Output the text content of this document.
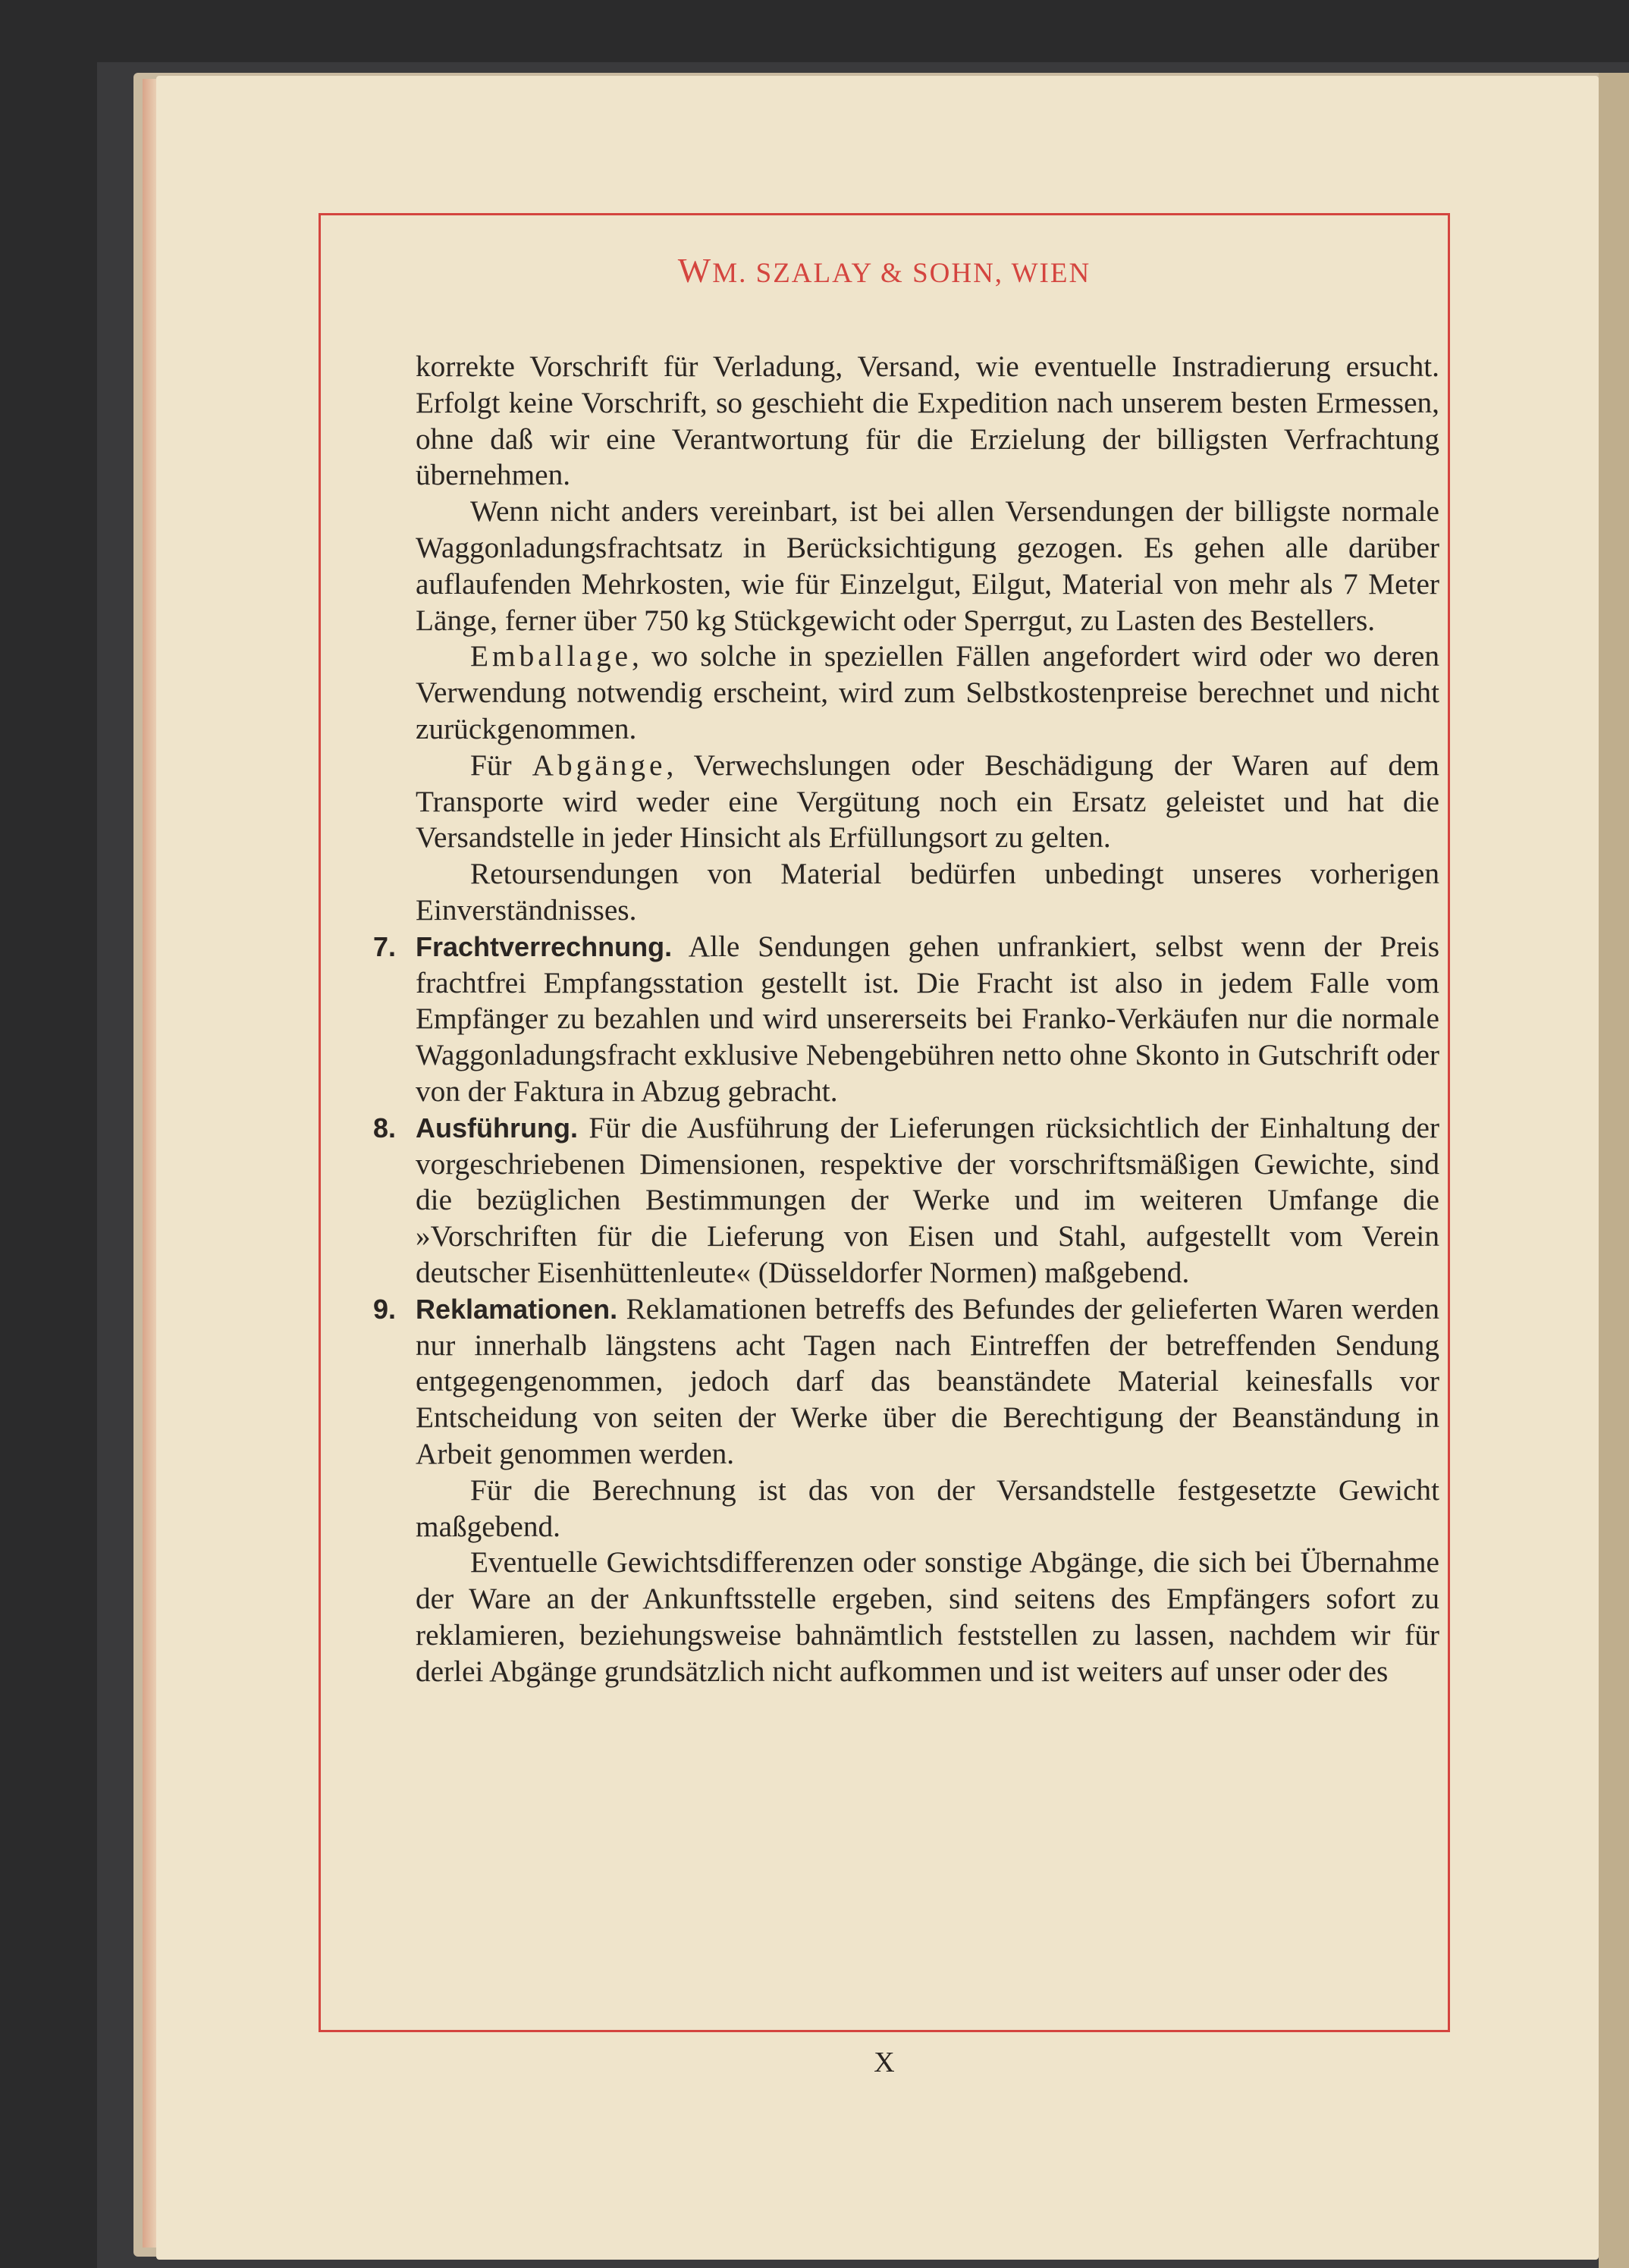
WM. SZALAY & SOHN, WIEN

korrekte Vorschrift für Verladung, Versand, wie eventuelle Instradierung ersucht. Erfolgt keine Vorschrift, so geschieht die Expedition nach unserem besten Ermessen, ohne daß wir eine Verantwortung für die Erzielung der billigsten Verfrachtung übernehmen.

Wenn nicht anders vereinbart, ist bei allen Versendungen der billigste normale Waggonladungsfrachtsatz in Berücksichtigung gezogen. Es gehen alle darüber auflaufenden Mehrkosten, wie für Einzelgut, Eilgut, Material von mehr als 7 Meter Länge, ferner über 750 kg Stückgewicht oder Sperrgut, zu Lasten des Bestellers.

Emballage, wo solche in speziellen Fällen angefordert wird oder wo deren Verwendung notwendig erscheint, wird zum Selbstkostenpreise berechnet und nicht zurückgenommen.

Für Abgänge, Verwechslungen oder Beschädigung der Waren auf dem Transporte wird weder eine Vergütung noch ein Ersatz geleistet und hat die Versandstelle in jeder Hinsicht als Erfüllungsort zu gelten.

Retoursendungen von Material bedürfen unbedingt unseres vorherigen Einverständnisses.

7. Frachtverrechnung. Alle Sendungen gehen unfrankiert, selbst wenn der Preis frachtfrei Empfangsstation gestellt ist. Die Fracht ist also in jedem Falle vom Empfänger zu bezahlen und wird unsererseits bei Franko-Verkäufen nur die normale Waggonladungsfracht exklusive Nebengebühren netto ohne Skonto in Gutschrift oder von der Faktura in Abzug gebracht.

8. Ausführung. Für die Ausführung der Lieferungen rücksichtlich der Einhaltung der vorgeschriebenen Dimensionen, respektive der vorschriftsmäßigen Gewichte, sind die bezüglichen Bestimmungen der Werke und im weiteren Umfange die »Vorschriften für die Lieferung von Eisen und Stahl, aufgestellt vom Verein deutscher Eisenhüttenleute« (Düsseldorfer Normen) maßgebend.

9. Reklamationen. Reklamationen betreffs des Befundes der gelieferten Waren werden nur innerhalb längstens acht Tagen nach Eintreffen der betreffenden Sendung entgegengenommen, jedoch darf das beanständete Material keinesfalls vor Entscheidung von seiten der Werke über die Berechtigung der Beanständung in Arbeit genommen werden.

Für die Berechnung ist das von der Versandstelle festgesetzte Gewicht maßgebend.

Eventuelle Gewichtsdifferenzen oder sonstige Abgänge, die sich bei Übernahme der Ware an der Ankunftsstelle ergeben, sind seitens des Empfängers sofort zu reklamieren, beziehungsweise bahnämtlich feststellen zu lassen, nachdem wir für derlei Abgänge grundsätzlich nicht aufkommen und ist weiters auf unser oder des

X
